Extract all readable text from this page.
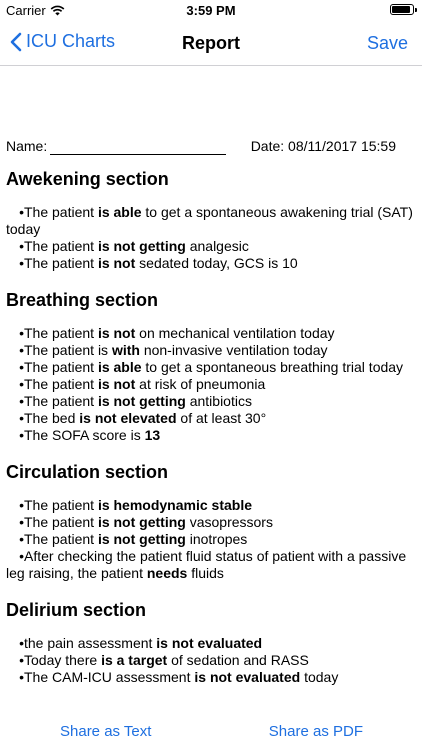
Carrier	3:59 PM
ICU Charts	Report	Save
Name:	Date: 08/11/2017 15:59
Awekening section
•The patient is able to get a spontaneous awakening trial (SAT) today
•The patient is not getting analgesic
•The patient is not sedated today, GCS is 10
Breathing section
•The patient is not on mechanical ventilation today
•The patient is with non-invasive ventilation today
•The patient is able to get a spontaneous breathing trial today
•The patient is not at risk of pneumonia
•The patient is not getting antibiotics
•The bed is not elevated of at least 30°
•The SOFA score is 13
Circulation section
•The patient is hemodynamic stable
•The patient is not getting vasopressors
•The patient is not getting inotropes
•After checking the patient fluid status of patient with a passive leg raising, the patient needs fluids
Delirium section
•the pain assessment is not evaluated
•Today there is a target of sedation and RASS
•The CAM-ICU assessment is not evaluated today
Share as Text	Share as PDF
